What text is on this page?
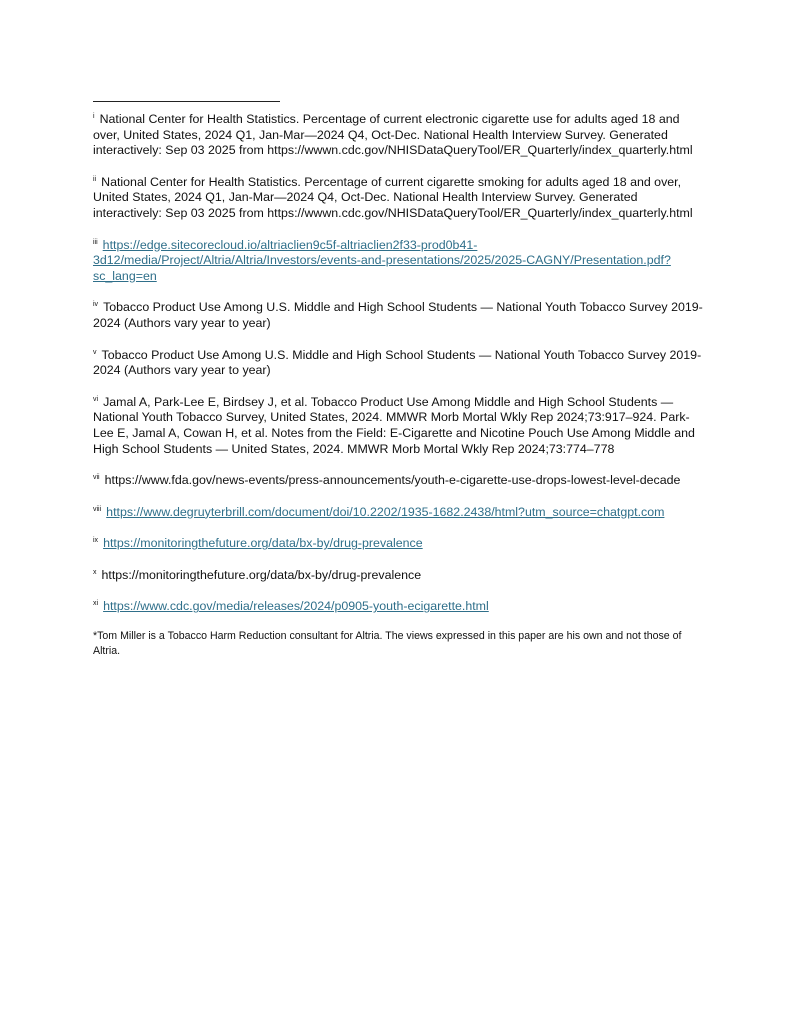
$^i$ National Center for Health Statistics. Percentage of current electronic cigarette use for adults aged 18 and over, United States, 2024 Q1, Jan-Mar—2024 Q4, Oct-Dec. National Health Interview Survey. Generated interactively: Sep 03 2025 from https://wwwn.cdc.gov/NHISDataQueryTool/ER_Quarterly/index_quarterly.html
$^{ii}$ National Center for Health Statistics. Percentage of current cigarette smoking for adults aged 18 and over, United States, 2024 Q1, Jan-Mar—2024 Q4, Oct-Dec. National Health Interview Survey. Generated interactively: Sep 03 2025 from https://wwwn.cdc.gov/NHISDataQueryTool/ER_Quarterly/index_quarterly.html
$^{iii}$ https://edge.sitecorecloud.io/altriaclien9c5f-altriaclien2f33-prod0b41-3d12/media/Project/Altria/Altria/Investors/events-and-presentations/2025/2025-CAGNY/Presentation.pdf?sc_lang=en
$^{iv}$ Tobacco Product Use Among U.S. Middle and High School Students — National Youth Tobacco Survey 2019-2024 (Authors vary year to year)
$^v$ Tobacco Product Use Among U.S. Middle and High School Students — National Youth Tobacco Survey 2019-2024 (Authors vary year to year)
$^{vi}$ Jamal A, Park-Lee E, Birdsey J, et al. Tobacco Product Use Among Middle and High School Students — National Youth Tobacco Survey, United States, 2024. MMWR Morb Mortal Wkly Rep 2024;73:917–924. Park-Lee E, Jamal A, Cowan H, et al. Notes from the Field: E-Cigarette and Nicotine Pouch Use Among Middle and High School Students — United States, 2024. MMWR Morb Mortal Wkly Rep 2024;73:774–778
$^{vii}$ https://www.fda.gov/news-events/press-announcements/youth-e-cigarette-use-drops-lowest-level-decade
$^{viii}$ https://www.degruyterbrill.com/document/doi/10.2202/1935-1682.2438/html?utm_source=chatgpt.com
$^{ix}$ https://monitoringthefuture.org/data/bx-by/drug-prevalence
$^x$ https://monitoringthefuture.org/data/bx-by/drug-prevalence
$^{xi}$ https://www.cdc.gov/media/releases/2024/p0905-youth-ecigarette.html
*Tom Miller is a Tobacco Harm Reduction consultant for Altria. The views expressed in this paper are his own and not those of Altria.
